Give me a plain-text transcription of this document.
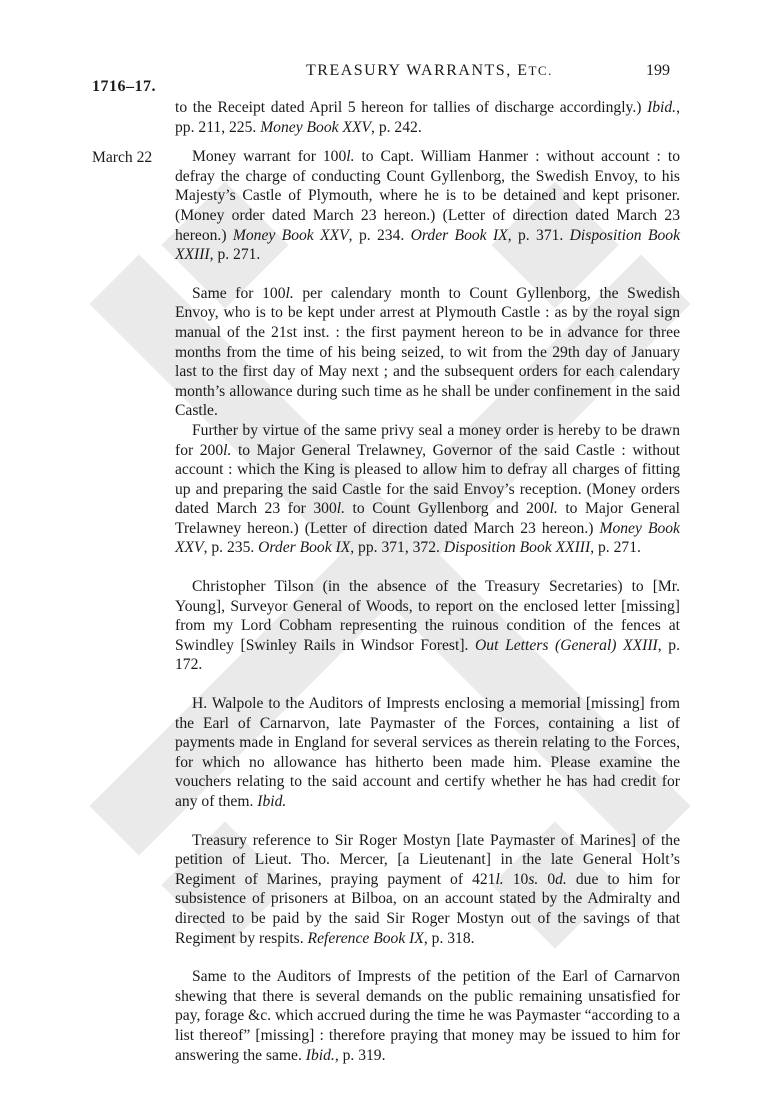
1716–17.
TREASURY WARRANTS, ETC.	199
March 22

to the Receipt dated April 5 hereon for tallies of discharge accordingly.) Ibid., pp. 211, 225. Money Book XXV, p. 242.

Money warrant for 100l. to Capt. William Hanmer : without account : to defray the charge of conducting Count Gyllenborg, the Swedish Envoy, to his Majesty’s Castle of Plymouth, where he is to be detained and kept prisoner. (Money order dated March 23 hereon.) (Letter of direction dated March 23 hereon.) Money Book XXV, p. 234. Order Book IX, p. 371. Disposition Book XXIII, p. 271.

Same for 100l. per calendary month to Count Gyllenborg, the Swedish Envoy, who is to be kept under arrest at Plymouth Castle : as by the royal sign manual of the 21st inst. : the first payment hereon to be in advance for three months from the time of his being seized, to wit from the 29th day of January last to the first day of May next ; and the subsequent orders for each calendary month’s allowance during such time as he shall be under confinement in the said Castle.

Further by virtue of the same privy seal a money order is hereby to be drawn for 200l. to Major General Trelawney, Governor of the said Castle : without account : which the King is pleased to allow him to defray all charges of fitting up and preparing the said Castle for the said Envoy’s reception. (Money orders dated March 23 for 300l. to Count Gyllenborg and 200l. to Major General Trelawney hereon.) (Letter of direction dated March 23 hereon.) Money Book XXV, p. 235. Order Book IX, pp. 371, 372. Disposition Book XXIII, p. 271.

Christopher Tilson (in the absence of the Treasury Secretaries) to [Mr. Young], Surveyor General of Woods, to report on the enclosed letter [missing] from my Lord Cobham representing the ruinous condition of the fences at Swindley [Swinley Rails in Windsor Forest]. Out Letters (General) XXIII, p. 172.

H. Walpole to the Auditors of Imprests enclosing a memorial [missing] from the Earl of Carnarvon, late Paymaster of the Forces, containing a list of payments made in England for several services as therein relating to the Forces, for which no allowance has hitherto been made him. Please examine the vouchers relating to the said account and certify whether he has had credit for any of them. Ibid.

Treasury reference to Sir Roger Mostyn [late Paymaster of Marines] of the petition of Lieut. Tho. Mercer, [a Lieutenant] in the late General Holt’s Regiment of Marines, praying payment of 421l. 10s. 0d. due to him for subsistence of prisoners at Bilboa, on an account stated by the Admiralty and directed to be paid by the said Sir Roger Mostyn out of the savings of that Regiment by respits. Reference Book IX, p. 318.

Same to the Auditors of Imprests of the petition of the Earl of Carnarvon shewing that there is several demands on the public remaining unsatisfied for pay, forage &c. which accrued during the time he was Paymaster “according to a list thereof” [missing] : therefore praying that money may be issued to him for answering the same. Ibid., p. 319.
